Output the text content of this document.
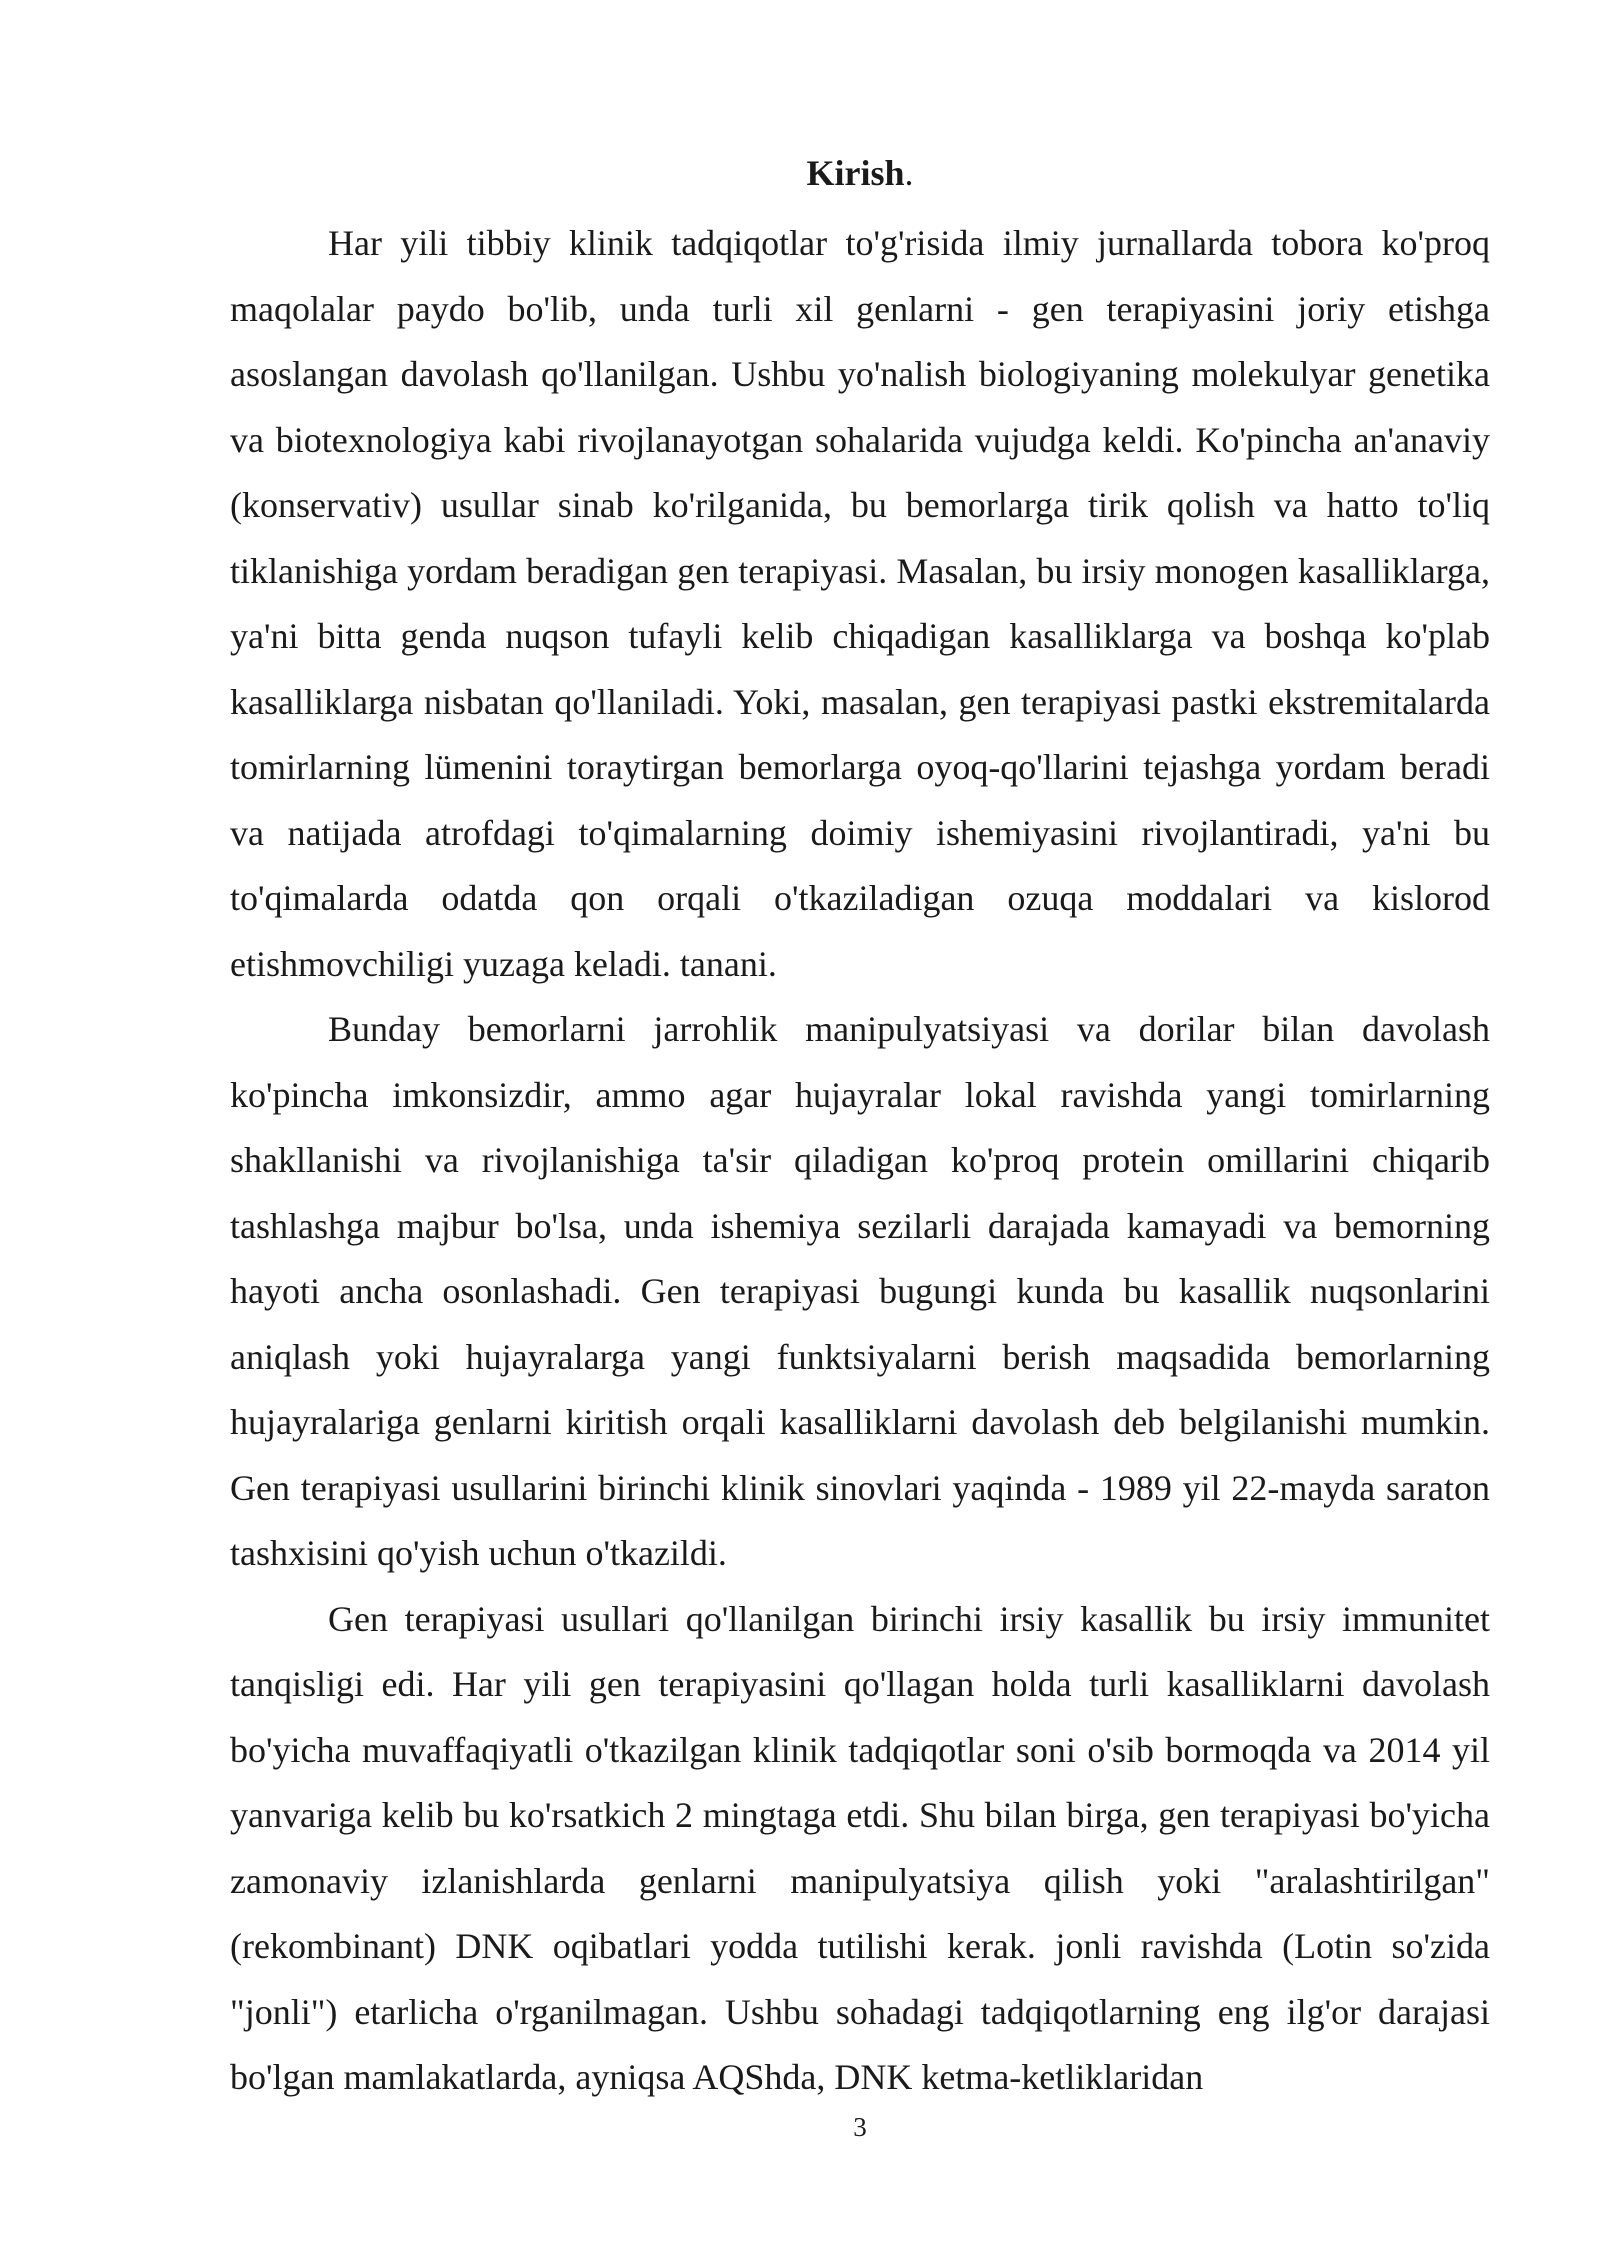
Kirish.

Har yili tibbiy klinik tadqiqotlar to'g'risida ilmiy jurnallarda tobora ko'proq maqolalar paydo bo'lib, unda turli xil genlarni - gen terapiyasini joriy etishga asoslangan davolash qo'llanilgan. Ushbu yo'nalish biologiyaning molekulyar genetika va biotexnologiya kabi rivojlanayotgan sohalarida vujudga keldi. Ko'pincha an'anaviy (konservativ) usullar sinab ko'rilganida, bu bemorlarga tirik qolish va hatto to'liq tiklanishiga yordam beradigan gen terapiyasi. Masalan, bu irsiy monogen kasalliklarga, ya'ni bitta genda nuqson tufayli kelib chiqadigan kasalliklarga va boshqa ko'plab kasalliklarga nisbatan qo'llaniladi. Yoki, masalan, gen terapiyasi pastki ekstremitalarda tomirlarning lümenini toraytirgan bemorlarga oyoq-qo'llarini tejashga yordam beradi va natijada atrofdagi to'qimalarning doimiy ishemiyasini rivojlantiradi, ya'ni bu to'qimalarda odatda qon orqali o'tkaziladigan ozuqa moddalari va kislorod etishmovchiligi yuzaga keladi. tanani.

Bunday bemorlarni jarrohlik manipulyatsiyasi va dorilar bilan davolash ko'pincha imkonsizdir, ammo agar hujayralar lokal ravishda yangi tomirlarning shakllanishi va rivojlanishiga ta'sir qiladigan ko'proq protein omillarini chiqarib tashlashga majbur bo'lsa, unda ishemiya sezilarli darajada kamayadi va bemorning hayoti ancha osonlashadi. Gen terapiyasi bugungi kunda bu kasallik nuqsonlarini aniqlash yoki hujayralarga yangi funktsiyalarni berish maqsadida bemorlarning hujayralariga genlarni kiritish orqali kasalliklarni davolash deb belgilanishi mumkin. Gen terapiyasi usullarini birinchi klinik sinovlari yaqinda - 1989 yil 22-mayda saraton tashxisini qo'yish uchun o'tkazildi.

Gen terapiyasi usullari qo'llanilgan birinchi irsiy kasallik bu irsiy immunitet tanqisligi edi. Har yili gen terapiyasini qo'llagan holda turli kasalliklarni davolash bo'yicha muvaffaqiyatli o'tkazilgan klinik tadqiqotlar soni o'sib bormoqda va 2014 yil yanvariga kelib bu ko'rsatkich 2 mingtaga etdi. Shu bilan birga, gen terapiyasi bo'yicha zamonaviy izlanishlarda genlarni manipulyatsiya qilish yoki "aralashtirilgan" (rekombinant) DNK oqibatlari yodda tutilishi kerak. jonli ravishda (Lotin so'zida "jonli") etarlicha o'rganilmagan. Ushbu sohadagi tadqiqotlarning eng ilg'or darajasi bo'lgan mamlakatlarda, ayniqsa AQShda, DNK ketma-ketliklaridan

3
